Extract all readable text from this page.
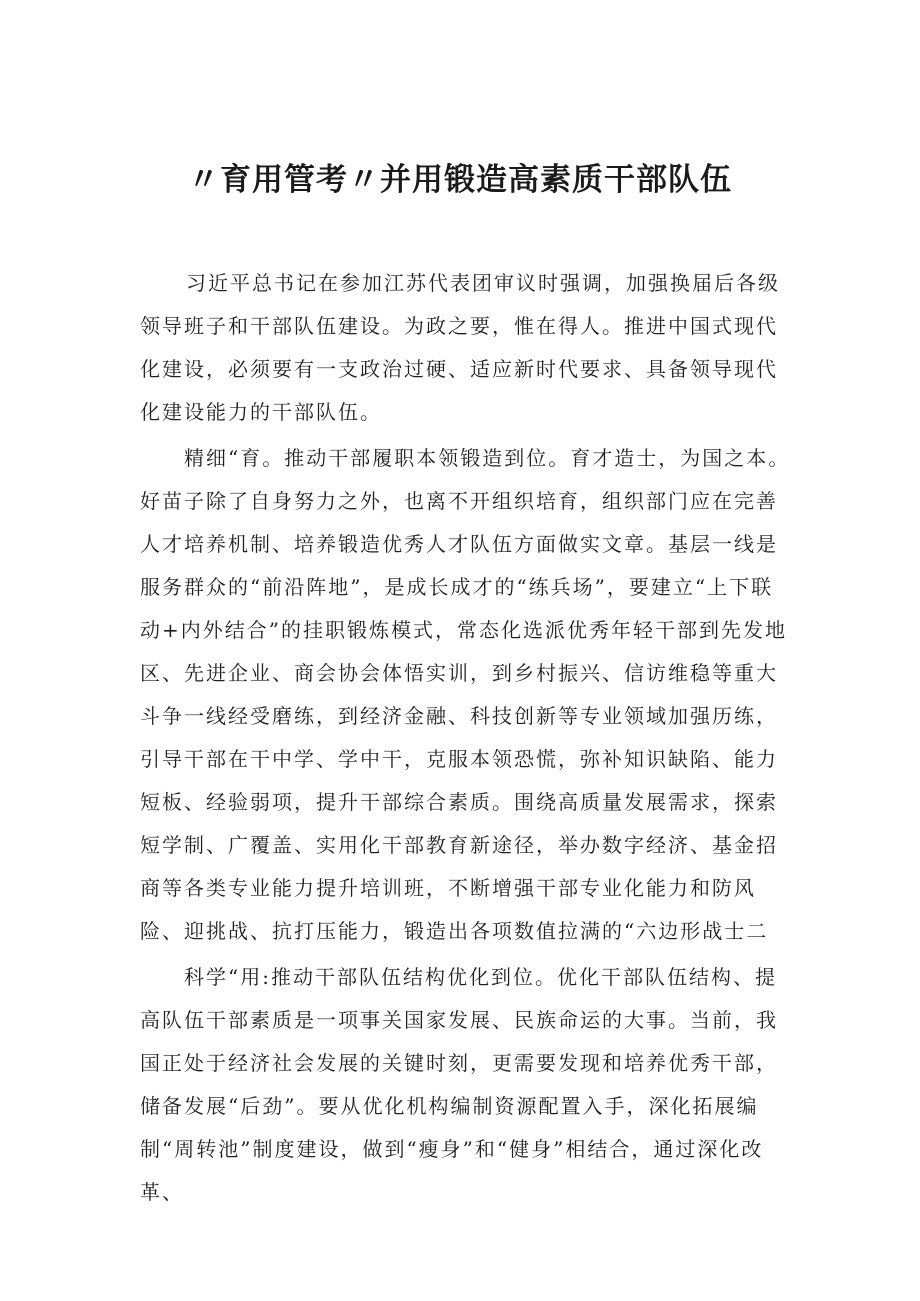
〃育用管考〃并用锻造高素质干部队伍

习近平总书记在参加江苏代表团审议时强调，加强换届后各级领导班子和干部队伍建设。为政之要，惟在得人。推进中国式现代化建设，必须要有一支政治过硬、适应新时代要求、具备领导现代化建设能力的干部队伍。

精细“育。推动干部履职本领锻造到位。育才造士，为国之本。好苗子除了自身努力之外，也离不开组织培育，组织部门应在完善人才培养机制、培养锻造优秀人才队伍方面做实文章。基层一线是服务群众的“前沿阵地”，是成长成才的“练兵场”，要建立“上下联动+内外结合”的挂职锻炼模式，常态化选派优秀年轻干部到先发地区、先进企业、商会协会体悟实训，到乡村振兴、信访维稳等重大斗争一线经受磨练，到经济金融、科技创新等专业领域加强历练，引导干部在干中学、学中干，克服本领恐慌，弥补知识缺陷、能力短板、经验弱项，提升干部综合素质。围绕高质量发展需求，探索短学制、广覆盖、实用化干部教育新途径，举办数字经济、基金招商等各类专业能力提升培训班，不断增强干部专业化能力和防风险、迎挑战、抗打压能力，锻造出各项数值拉满的“六边形战士二

科学“用:推动干部队伍结构优化到位。优化干部队伍结构、提高队伍干部素质是一项事关国家发展、民族命运的大事。当前，我国正处于经济社会发展的关键时刻，更需要发现和培养优秀干部，储备发展“后劲”。要从优化机构编制资源配置入手，深化拓展编制“周转池”制度建设，做到“瘦身”和“健身”相结合，通过深化改革、
